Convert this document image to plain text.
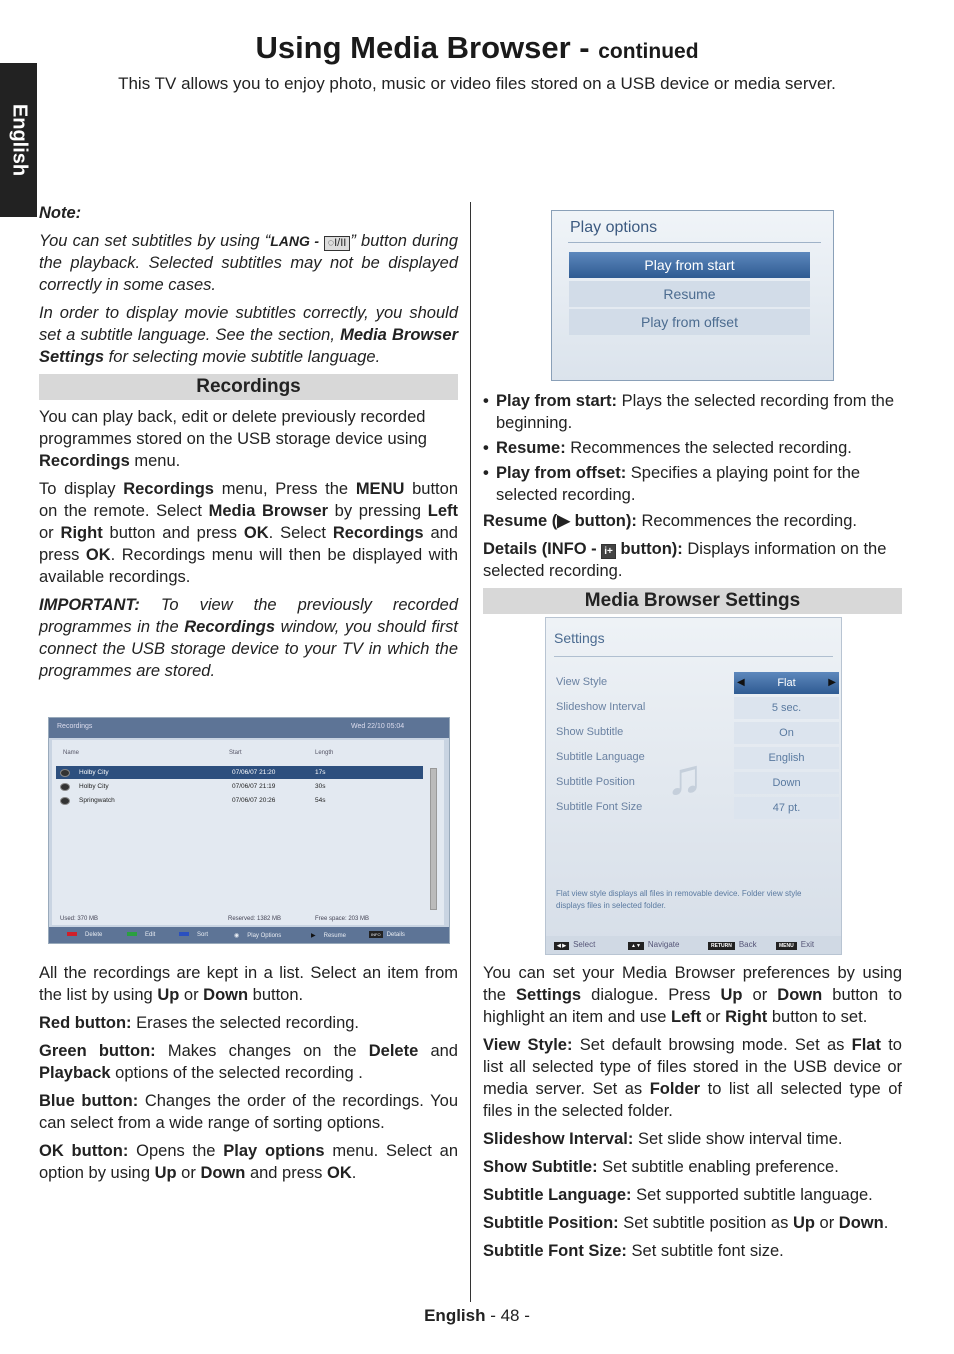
Using Media Browser - continued
This TV allows you to enjoy photo, music or video files stored on a USB device or media server.
English

Note:

You can set subtitles by using “LANG - ◌I/II ” button during the playback. Selected subtitles may not be displayed correctly in some cases.

In order to display movie subtitles correctly, you should set a subtitle language. See the section, Media Browser Settings for selecting movie subtitle language.

Recordings

You can play back, edit or delete previously recorded programmes stored on the USB storage device using Recordings menu.

To display Recordings menu, Press the MENU button on the remote. Select Media Browser by pressing Left or Right button and press OK. Select Recordings and press OK. Recordings menu will then be displayed with available recordings.

IMPORTANT: To view the previously recorded programmes in the Recordings window, you should first connect the USB storage device to your TV in which the programmes are stored.

All the recordings are kept in a list. Select an item from the list by using Up or Down button.

Red button: Erases the selected recording.

Green button: Makes changes on the Delete and Playback options of the selected recording .

Blue button: Changes the order of the recordings. You can select from a wide range of sorting options.

OK button: Opens the Play options menu. Select an option by using Up or Down and press OK.

Recordings	Wed 22/10 05:04
Name	Start	Length
Holby City	07/06/07 21:20	17s
Holby City	07/06/07 21:19	30s
Springwatch	07/06/07 20:26	54s
Used: 370 MB	Reserved: 1382 MB	Free space: 203 MB
Delete	Edit	Sort	◉ Play Options	▶ Resume	INFO Details
Play options
Play from start
Resume
Play from offset
• Play from start: Plays the selected recording from the beginning.
• Resume: Recommences the selected recording.
• Play from offset: Specifies a playing point for the selected recording.

Resume (▶ button): Recommences the recording.

Details (INFO - i+ button): Displays information on the selected recording.

Media Browser Settings

You can set your Media Browser preferences by using the Settings dialogue. Press Up or Down button to highlight an item and use Left or Right button to set.

View Style: Set default browsing mode. Set as Flat to list all selected type of files stored in the USB device or media server. Set as Folder to list all selected type of files in the selected folder.

Slideshow Interval: Set slide show interval time.

Show Subtitle: Set subtitle enabling preference.

Subtitle Language: Set supported subtitle language.

Subtitle Position: Set subtitle position as Up or Down.

Subtitle Font Size: Set subtitle font size.

Settings
♫
View Style	Flat
◀	▶
Slideshow Interval	5 sec.
Show Subtitle	On
Subtitle Language	English
Subtitle Position	Down
Subtitle Font Size	47 pt.
Flat view style displays all files in removable device. Folder view style displays files in selected folder.
◀ ▶ Select	▲▼ Navigate	RETURN Back	MENU Exit
English - 48 -
